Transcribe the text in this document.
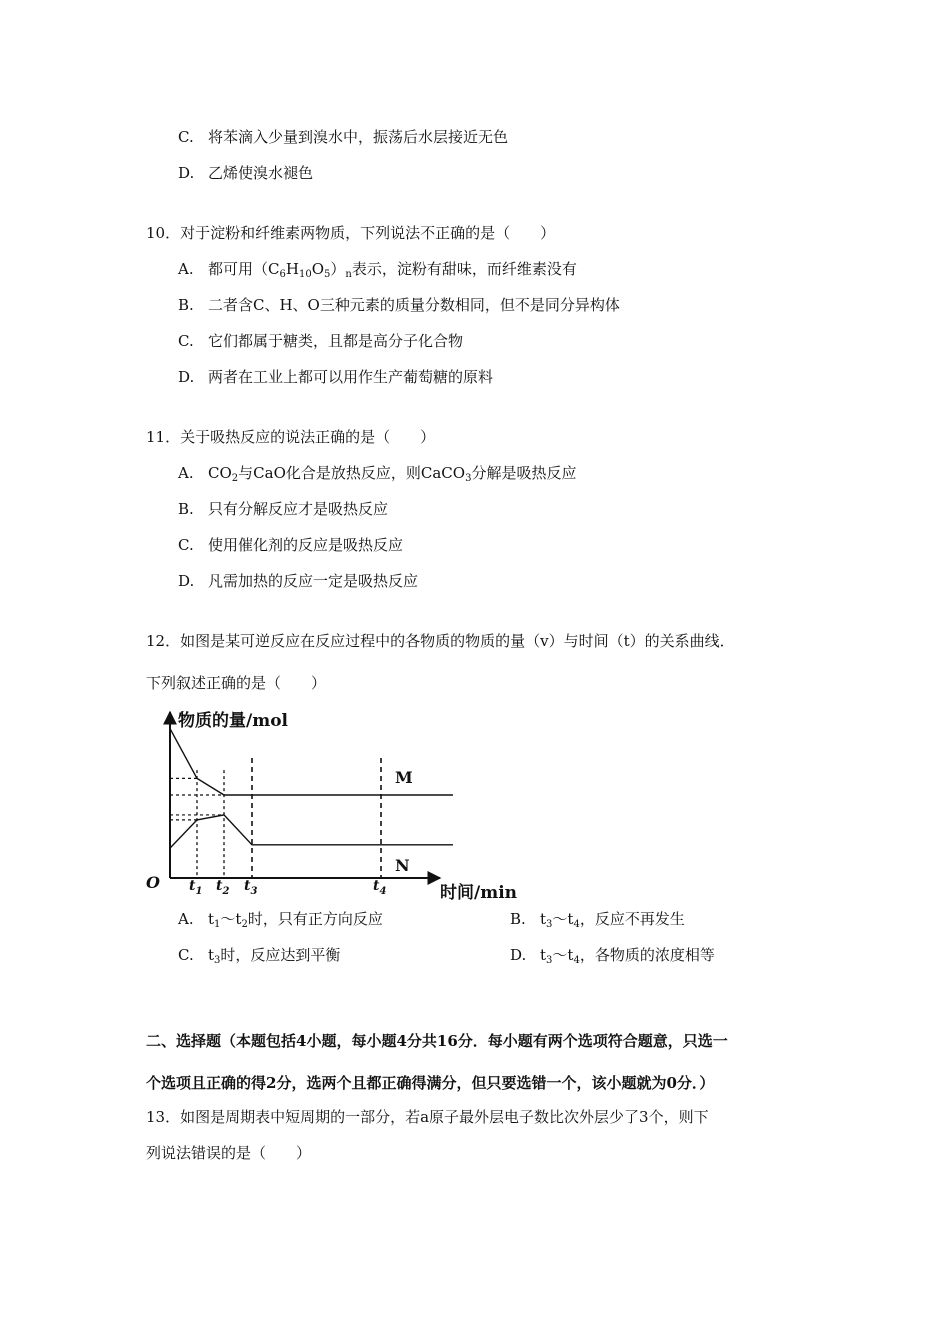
C. 将苯滴入少量到溴水中，振荡后水层接近无色
D. 乙烯使溴水褪色
10．对于淀粉和纤维素两物质，下列说法不正确的是（　　）
A. 都可用$(C_6H_{10}O_5)_n$表示，淀粉有甜味，而纤维素没有
B. 二者含C、H、O三种元素的质量分数相同，但不是同分异构体
C. 它们都属于糖类，且都是高分子化合物
D. 两者在工业上都可以用作生产葡萄糖的原料
11．关于吸热反应的说法正确的是（　　）
A. $CO_2$与CaO化合是放热反应，则CaCO$_3$分解是吸热反应
B. 只有分解反应才是吸热反应
C. 使用催化剂的反应是吸热反应
D. 凡需加热的反应一定是吸热反应
12．如图是某可逆反应在反应过程中的各物质的物质的量（v）与时间（t）的关系曲线．
下列叙述正确的是（　　）
物质的量/mol
时间/min
O
M
N
$t_1$ $t_2$ $t_3$	$t_4$
A. $t_1\sim t_2$时，只有正方向反应	B. $t_3\sim t_4$，反应不再发生
C. $t_3$时，反应达到平衡	D. $t_3\sim t_4$，各物质的浓度相等
二、选择题（本题包括4小题，每小题4分共16分．每小题有两个选项符合题意，只选一
个选项且正确的得2分，选两个且都正确得满分，但只要选错一个，该小题就为0分．）
13．如图是周期表中短周期的一部分，若a原子最外层电子数比次外层少了3个，则下
列说法错误的是（　　）
